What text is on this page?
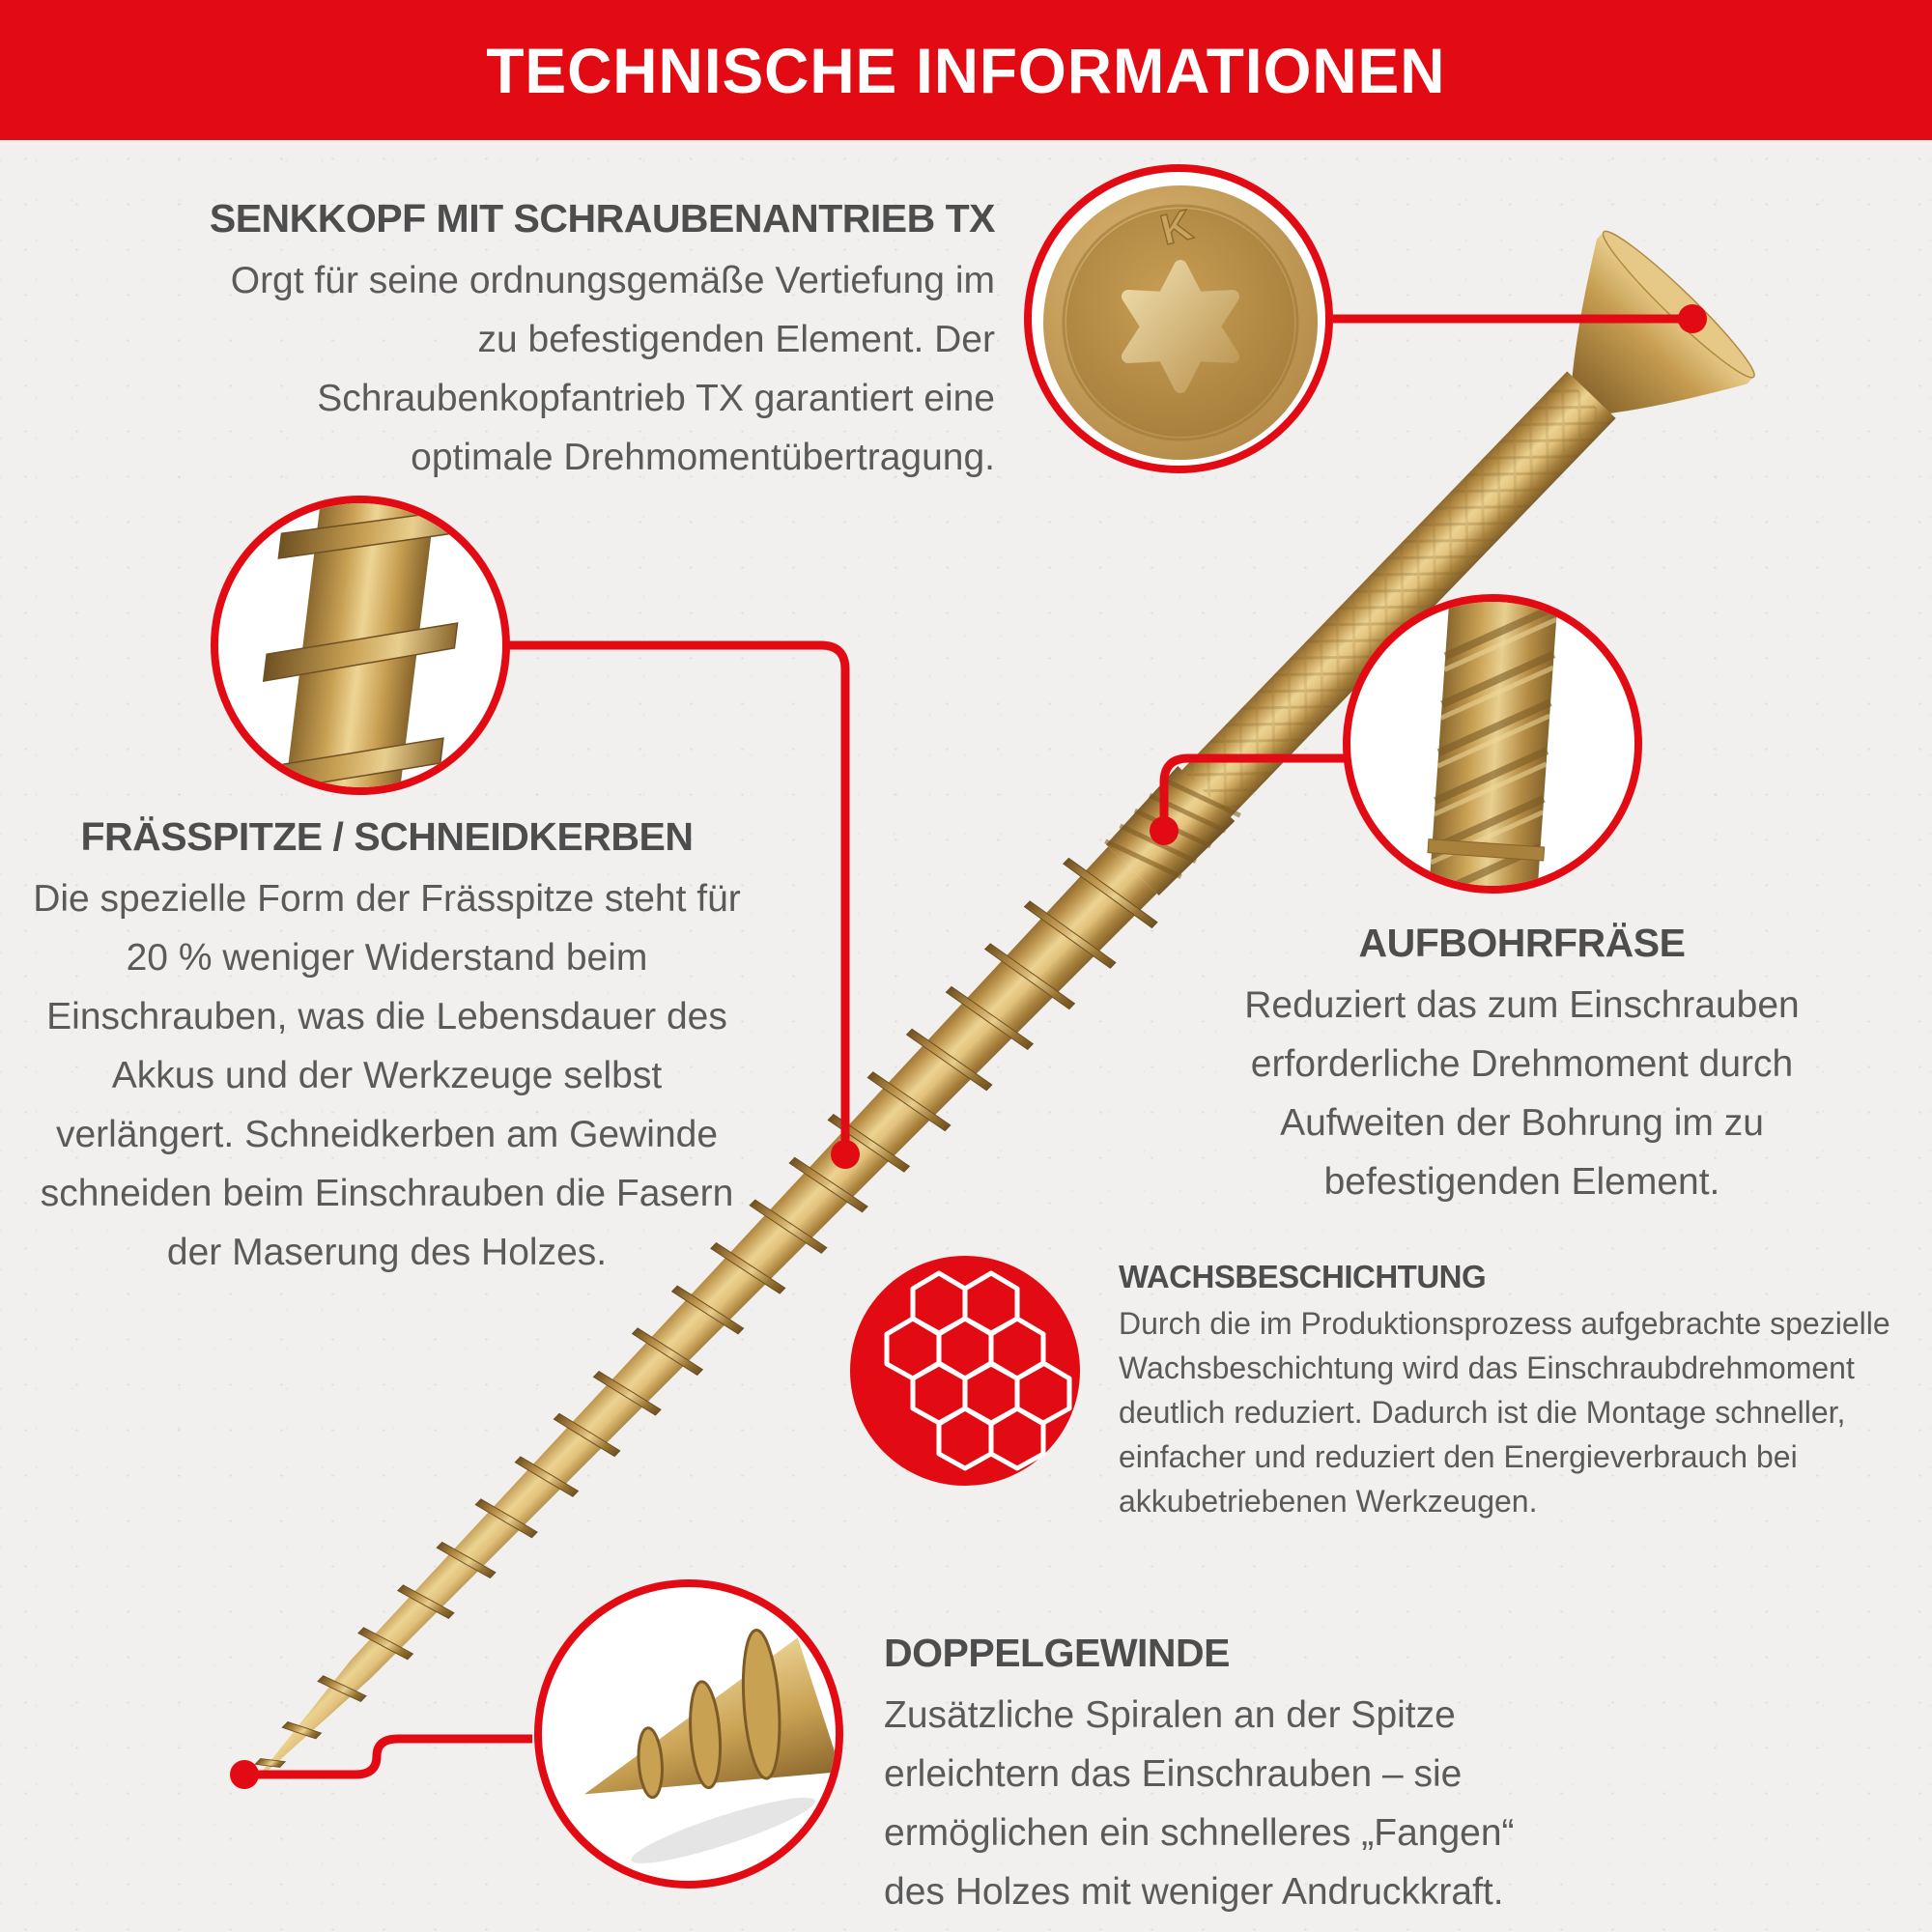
TECHNISCHE INFORMATIONEN
K
SENKKOPF MIT SCHRAUBENANTRIEB TX

Orgt für seine ordnungsgemäße Vertiefung im zu befestigenden Element. Der Schraubenkopfantrieb TX garantiert eine optimale Drehmomentübertragung.

FRÄSSPITZE / SCHNEIDKERBEN

Die spezielle Form der Frässpitze steht für 20 % weniger Widerstand beim Einschrauben, was die Lebensdauer des Akkus und der Werkzeuge selbst verlängert. Schneidkerben am Gewinde schneiden beim Einschrauben die Fasern der Maserung des Holzes.

AUFBOHRFRÄSE

Reduziert das zum Einschrauben erforderliche Drehmoment durch Aufweiten der Bohrung im zu befestigenden Element.

WACHSBESCHICHTUNG

Durch die im Produktionsprozess aufgebrachte spezielle Wachsbeschichtung wird das Einschraubdrehmoment deutlich reduziert. Dadurch ist die Montage schneller, einfacher und reduziert den Energieverbrauch bei akkubetriebenen Werkzeugen.

DOPPELGEWINDE

Zusätzliche Spiralen an der Spitze erleichtern das Einschrauben – sie ermöglichen ein schnelleres „Fangen“ des Holzes mit weniger Andruckkraft.
